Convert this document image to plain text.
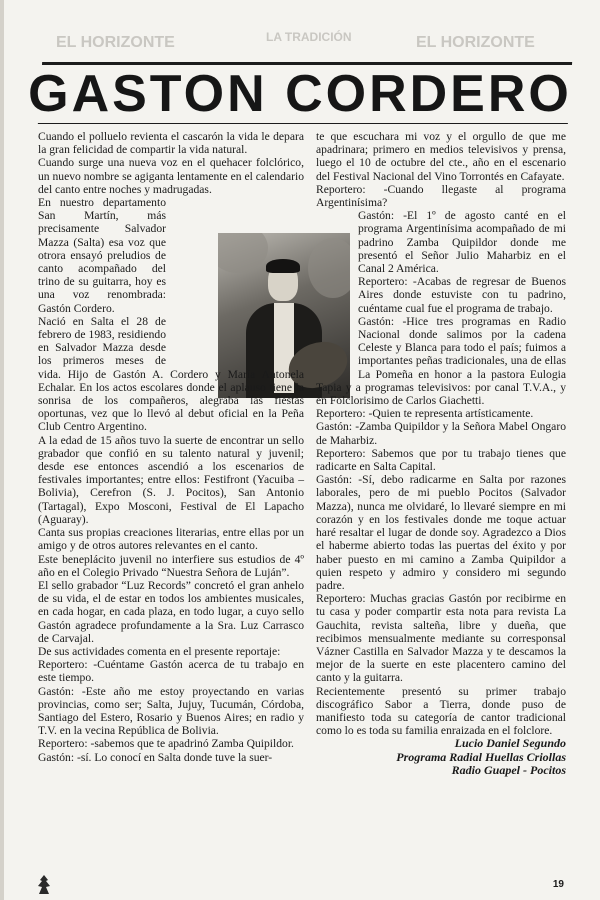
EL HORIZONTE	LA TRADICIÓN	EL HORIZONTE
GASTON CORDERO

Cuando el polluelo revienta el cascarón la vida le depara la gran felicidad de compartir la vida natural.

Cuando surge una nueva voz en el quehacer folclórico, un nuevo nombre se agiganta lentamente en el calendario del canto entre noches y madrugadas.

En nuestro departamento San Martín, más precisamente Salvador Mazza (Salta) esa voz que otrora ensayó preludios de canto acompañado del trino de su guitarra, hoy es una voz renombrada: Gastón Cordero.

Nació en Salta el 28 de febrero de 1983, residiendo en Salvador Mazza desde los primeros meses de vida. Hijo de Gastón A. Cordero y María Antonela Echalar. En los actos escolares donde el aplauso tiene la sonrisa de los compañeros, alegraba las fiestas oportunas, vez que lo llevó al debut oficial en la Peña Club Centro Argentino.

A la edad de 15 años tuvo la suerte de encontrar un sello grabador que confió en su talento natural y juvenil; desde ese entonces ascendió a los escenarios de festivales importantes; entre ellos: Festifront (Yacuiba – Bolivia), Cerefron (S. J. Pocitos), San Antonio (Tartagal), Expo Mosconi, Festival de El Lapacho (Aguaray).

Canta sus propias creaciones literarias, entre ellas por un amigo y de otros autores relevantes en el canto.

Este beneplácito juvenil no interfiere sus estudios de 4º año en el Colegio Privado “Nuestra Señora de Luján”.

El sello grabador “Luz Records” concretó el gran anhelo de su vida, el de estar en todos los ambientes musicales, en cada hogar, en cada plaza, en todo lugar, a cuyo sello Gastón agradece profundamente a la Sra. Luz Carrasco de Carvajal.

De sus actividades comenta en el presente reportaje:

Reportero: -Cuéntame Gastón acerca de tu trabajo en este tiempo.

Gastón: -Este año me estoy proyectando en varias provincias, como ser; Salta, Jujuy, Tucumán, Córdoba, Santiago del Estero, Rosario y Buenos Aires; en radio y T.V. en la vecina República de Bolivia.

Reportero: -sabemos que te apadrinó Zamba Quipildor.

Gastón: -sí. Lo conocí en Salta donde tuve la suer-

te que escuchara mi voz y el orgullo de que me apadrinara; primero en medios televisivos y prensa, luego el 10 de octubre del cte., año en el escenario del Festival Nacional del Vino Torrontés en Cafayate.

Reportero: -Cuando llegaste al programa Argentinísima?

Gastón: -El 1º de agosto canté en el programa Argentinísima acompañado de mi padrino Zamba Quipildor donde me presentó el Señor Julio Maharbiz en el Canal 2 América.

Reportero: -Acabas de regresar de Buenos Aires donde estuviste con tu padrino, cuéntame cual fue el programa de trabajo.

Gastón: -Hice tres programas en Radio Nacional donde salimos por la cadena Celeste y Blanca para todo el país; fuimos a importantes peñas tradicionales, una de ellas La Pomeña en honor a la pastora Eulogia Tapia y a programas televisivos: por canal T.V.A., y en Folclorisimo de Carlos Giachetti.

Reportero: -Quien te representa artísticamente.

Gastón: -Zamba Quipildor y la Señora Mabel Ongaro de Maharbiz.

Reportero: Sabemos que por tu trabajo tienes que radicarte en Salta Capital.

Gastón: -Sí, debo radicarme en Salta por razones laborales, pero de mi pueblo Pocitos (Salvador Mazza), nunca me olvidaré, lo llevaré siempre en mi corazón y en los festivales donde me toque actuar haré resaltar el lugar de donde soy. Agradezco a Dios el haberme abierto todas las puertas del éxito y por haber puesto en mi camino a Zamba Quipildor a quien respeto y admiro y considero mi segundo padre.

Reportero: Muchas gracias Gastón por recibirme en tu casa y poder compartir esta nota para revista La Gauchita, revista salteña, libre y dueña, que recibimos mensualmente mediante su corresponsal Vázner Castilla en Salvador Mazza y te descamos la mejor de la suerte en este placentero camino del canto y la guitarra.

Recientemente presentó su primer trabajo discográfico Sabor a Tierra, donde puso de manifiesto toda su categoría de cantor tradicional como lo es toda su familia enraizada en el folclore.

Lucio Daniel Segundo
Programa Radial Huellas Criollas
Radio Guapel - Pocitos
19
